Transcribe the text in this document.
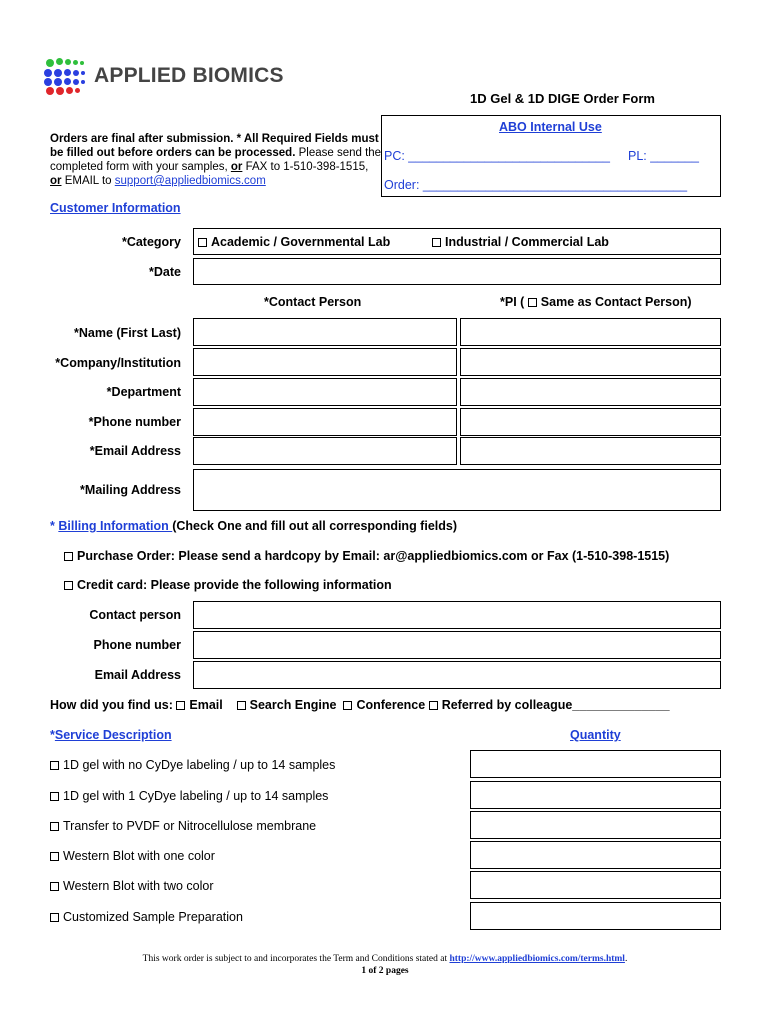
APPLIED BIOMICS
1D Gel & 1D DIGE Order Form
ABO Internal Use
PC: _____________________________ PL: _______
Order: ______________________________________
Orders are final after submission. * All Required Fields must
be filled out before orders can be processed. Please send the
completed form with your samples, or FAX to 1-510-398-1515,
or EMAIL to support@appliedbiomics.com
Customer Information
*Category	Academic / Governmental Lab	Industrial / Commercial Lab
*Date
*Contact Person	*PI ( Same as Contact Person)
*Name (First Last)
*Company/Institution
*Department
*Phone number
*Email Address
*Mailing Address
* Billing Information (Check One and fill out all corresponding fields)
Purchase Order: Please send a hardcopy by Email: ar@appliedbiomics.com or Fax (1-510-398-1515)
Credit card: Please provide the following information
Contact person
Phone number
Email Address
How did you find us: Email Search Engine Conference Referred by colleague______________
*Service Description	Quantity
1D gel with no CyDye labeling / up to 14 samples
1D gel with 1 CyDye labeling / up to 14 samples
Transfer to PVDF or Nitrocellulose membrane
Western Blot with one color
Western Blot with two color
Customized Sample Preparation
This work order is subject to and incorporates the Term and Conditions stated at http://www.appliedbiomics.com/terms.html.
1 of 2 pages
